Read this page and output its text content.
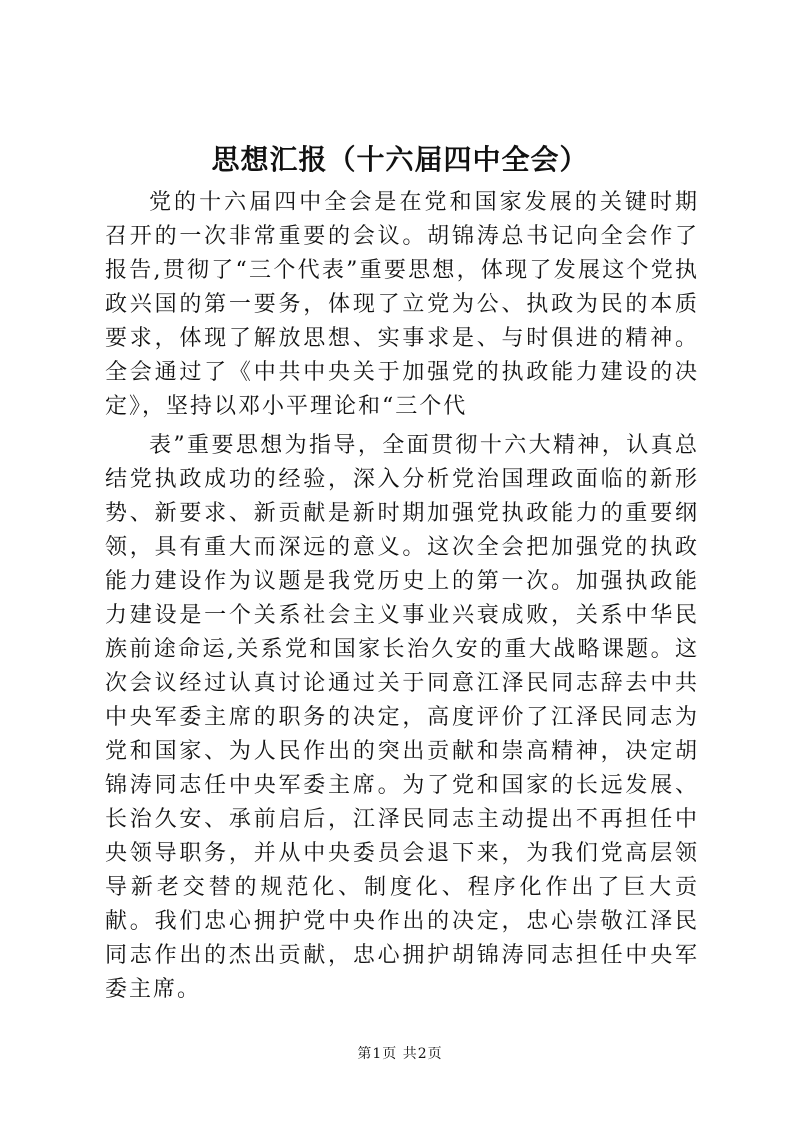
思想汇报（十六届四中全会）

党的十六届四中全会是在党和国家发展的关键时期召开的一次非常重要的会议。胡锦涛总书记向全会作了报告,贯彻了“三个代表”重要思想，体现了发展这个党执政兴国的第一要务，体现了立党为公、执政为民的本质要求，体现了解放思想、实事求是、与时俱进的精神。全会通过了《中共中央关于加强党的执政能力建设的决定》，坚持以邓小平理论和“三个代

表”重要思想为指导，全面贯彻十六大精神，认真总结党执政成功的经验，深入分析党治国理政面临的新形势、新要求、新贡献是新时期加强党执政能力的重要纲领，具有重大而深远的意义。这次全会把加强党的执政能力建设作为议题是我党历史上的第一次。加强执政能力建设是一个关系社会主义事业兴衰成败，关系中华民族前途命运,关系党和国家长治久安的重大战略课题。这次会议经过认真讨论通过关于同意江泽民同志辞去中共中央军委主席的职务的决定，高度评价了江泽民同志为党和国家、为人民作出的突出贡献和崇高精神，决定胡锦涛同志任中央军委主席。为了党和国家的长远发展、长治久安、承前启后，江泽民同志主动提出不再担任中央领导职务，并从中央委员会退下来，为我们党高层领导新老交替的规范化、制度化、程序化作出了巨大贡献。我们忠心拥护党中央作出的决定，忠心崇敬江泽民同志作出的杰出贡献，忠心拥护胡锦涛同志担任中央军委主席。

第1页 共2页
